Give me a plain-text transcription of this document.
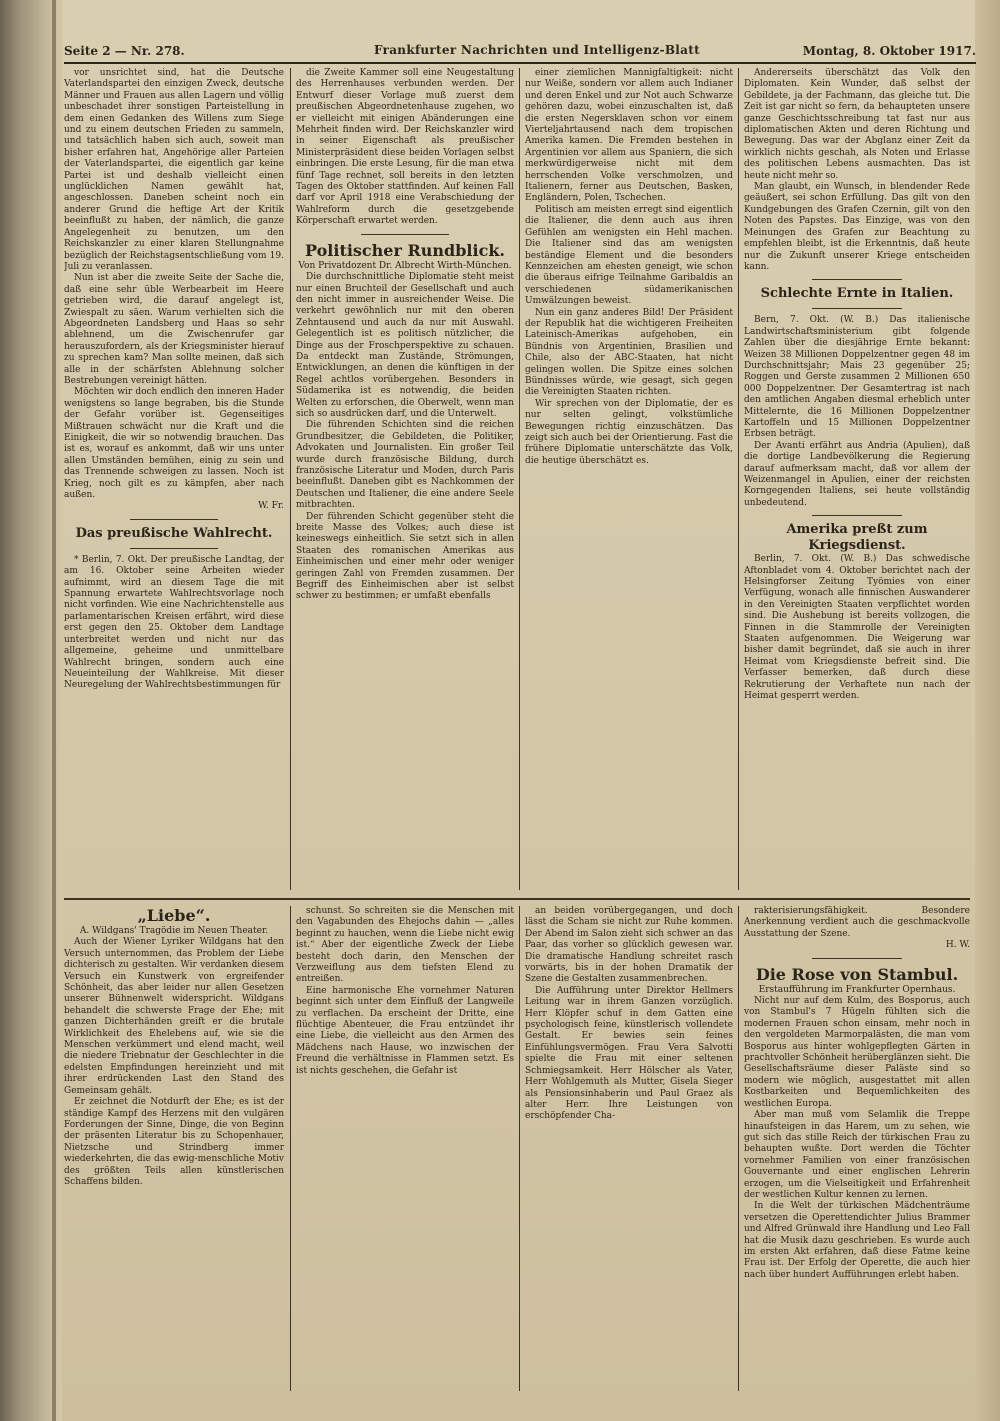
Seite 2 — Nr. 278.	Frankfurter Nachrichten und Intelligenz-Blatt	Montag, 8. Oktober 1917.

vor unsrichtet sind, hat die Deutsche Vaterlandspartei den einzigen Zweck, deutsche Männer und Frauen aus allen Lagern und völlig unbeschadet ihrer sonstigen Parteistellung in dem einen Gedanken des Willens zum Siege und zu einem deutschen Frieden zu sammeln, und tatsächlich haben sich auch, soweit man bisher erfahren hat, Angehörige aller Parteien der Vaterlandspartei, die eigentlich gar keine Partei ist und deshalb vielleicht einen unglücklichen Namen gewählt hat, angeschlossen. Daneben scheint noch ein anderer Grund die heftige Art der Kritik beeinflußt zu haben, der nämlich, die ganze Angelegenheit zu benutzen, um den Reichskanzler zu einer klaren Stellungnahme bezüglich der Reichstagsentschließung vom 19. Juli zu veranlassen.

Nun ist aber die zweite Seite der Sache die, daß eine sehr üble Werbearbeit im Heere getrieben wird, die darauf angelegt ist, Zwiespalt zu säen. Warum verhielten sich die Abgeordneten Landsberg und Haas so sehr ablehnend, um die Zwischenrufer gar herauszufordern, als der Kriegsminister hierauf zu sprechen kam? Man sollte meinen, daß sich alle in der schärfsten Ablehnung solcher Bestrebungen vereinigt hätten.

Möchten wir doch endlich den inneren Hader wenigstens so lange begraben, bis die Stunde der Gefahr vorüber ist. Gegenseitiges Mißtrauen schwächt nur die Kraft und die Einigkeit, die wir so notwendig brauchen. Das ist es, worauf es ankommt, daß wir uns unter allen Umständen bemühen, einig zu sein und das Trennende schweigen zu lassen. Noch ist Krieg, noch gilt es zu kämpfen, aber nach außen.

W. Fr.

Das preußische Wahlrecht.

* Berlin, 7. Okt. Der preußische Landtag, der am 16. Oktober seine Arbeiten wieder aufnimmt, wird an diesem Tage die mit Spannung erwartete Wahlrechtsvorlage noch nicht vorfinden. Wie eine Nachrichtenstelle aus parlamentarischen Kreisen erfährt, wird diese erst gegen den 25. Oktober dem Landtage unterbreitet werden und nicht nur das allgemeine, geheime und unmittelbare Wahlrecht bringen, sondern auch eine Neueinteilung der Wahlkreise. Mit dieser Neuregelung der Wahlrechtsbestimmungen für

die Zweite Kammer soll eine Neugestaltung des Herrenhauses verbunden werden. Der Entwurf dieser Vorlage muß zuerst dem preußischen Abgeordnetenhause zugehen, wo er vielleicht mit einigen Abänderungen eine Mehrheit finden wird. Der Reichskanzler wird in seiner Eigenschaft als preußischer Ministerpräsident diese beiden Vorlagen selbst einbringen. Die erste Lesung, für die man etwa fünf Tage rechnet, soll bereits in den letzten Tagen des Oktober stattfinden. Auf keinen Fall darf vor April 1918 eine Verabschiedung der Wahlreform durch die gesetzgebende Körperschaft erwartet werden.

Politischer Rundblick.

Von Privatdozent Dr. Albrecht Wirth-München.

Die durchschnittliche Diplomatie steht meist nur einen Bruchteil der Gesellschaft und auch den nicht immer in ausreichender Weise. Die verkehrt gewöhnlich nur mit den oberen Zehntausend und auch da nur mit Auswahl. Gelegentlich ist es politisch nützlicher, die Dinge aus der Froschperspektive zu schauen. Da entdeckt man Zustände, Strömungen, Entwicklungen, an denen die künftigen in der Regel achtlos vorübergehen. Besonders in Südamerika ist es notwendig, die beiden Welten zu erforschen, die Oberwelt, wenn man sich so ausdrücken darf, und die Unterwelt.

Die führenden Schichten sind die reichen Grundbesitzer, die Gebildeten, die Politiker, Advokaten und Journalisten. Ein großer Teil wurde durch französische Bildung, durch französische Literatur und Moden, durch Paris beeinflußt. Daneben gibt es Nachkommen der Deutschen und Italiener, die eine andere Seele mitbrachten.

Der führenden Schicht gegenüber steht die breite Masse des Volkes; auch diese ist keineswegs einheitlich. Sie setzt sich in allen Staaten des romanischen Amerikas aus Einheimischen und einer mehr oder weniger geringen Zahl von Fremden zusammen. Der Begriff des Einheimischen aber ist selbst schwer zu bestimmen; er umfaßt ebenfalls

einer ziemlichen Mannigfaltigkeit: nicht nur Weiße, sondern vor allem auch Indianer und deren Enkel und zur Not auch Schwarze gehören dazu, wobei einzuschalten ist, daß die ersten Negersklaven schon vor einem Vierteljahrtausend nach dem tropischen Amerika kamen. Die Fremden bestehen in Argentinien vor allem aus Spaniern, die sich merkwürdigerweise nicht mit dem herrschenden Volke verschmolzen, und Italienern, ferner aus Deutschen, Basken, Engländern, Polen, Tschechen.

Politisch am meisten erregt sind eigentlich die Italiener, die denn auch aus ihren Gefühlen am wenigsten ein Hehl machen. Die Italiener sind das am wenigsten beständige Element und die besonders Kennzeichen am ehesten geneigt, wie schon die überaus eifrige Teilnahme Garibaldis an verschiedenen südamerikanischen Umwälzungen beweist.

Nun ein ganz anderes Bild! Der Präsident der Republik hat die wichtigeren Freiheiten Lateinisch-Amerikas aufgehoben, ein Bündnis von Argentinien, Brasilien und Chile, also der ABC-Staaten, hat nicht gelingen wollen. Die Spitze eines solchen Bündnisses würde, wie gesagt, sich gegen die Vereinigten Staaten richten.

Wir sprechen von der Diplomatie, der es nur selten gelingt, volkstümliche Bewegungen richtig einzuschätzen. Das zeigt sich auch bei der Orientierung. Fast die frühere Diplomatie unterschätzte das Volk, die heutige überschätzt es.

Andererseits überschätzt das Volk den Diplomaten. Kein Wunder, daß selbst der Gebildete, ja der Fachmann, das gleiche tut. Die Zeit ist gar nicht so fern, da behaupteten unsere ganze Geschichtsschreibung tat fast nur aus diplomatischen Akten und deren Richtung und Bewegung. Das war der Abglanz einer Zeit da wirklich nichts geschah, als Noten und Erlasse des politischen Lebens ausmachten. Das ist heute nicht mehr so.

Man glaubt, ein Wunsch, in blendender Rede geäußert, sei schon Erfüllung. Das gilt von den Kundgebungen des Grafen Czernin, gilt von den Noten des Papstes. Das Einzige, was von den Meinungen des Grafen zur Beachtung zu empfehlen bleibt, ist die Erkenntnis, daß heute nur die Zukunft unserer Kriege entscheiden kann.

Schlechte Ernte in Italien.

Bern, 7. Okt. (W. B.) Das italienische Landwirtschaftsministerium gibt folgende Zahlen über die diesjährige Ernte bekannt: Weizen 38 Millionen Doppelzentner gegen 48 im Durchschnittsjahr; Mais 23 gegenüber 25; Roggen und Gerste zusammen 2 Millionen 650 000 Doppelzentner. Der Gesamtertrag ist nach den amtlichen Angaben diesmal erheblich unter Mittelernte, die 16 Millionen Doppelzentner Kartoffeln und 15 Millionen Doppelzentner Erbsen beträgt.

Der Avanti erfährt aus Andria (Apulien), daß die dortige Landbevölkerung die Regierung darauf aufmerksam macht, daß vor allem der Weizenmangel in Apulien, einer der reichsten Korngegenden Italiens, sei heute vollständig unbedeutend.

Amerika preßt zum Kriegsdienst.

Berlin, 7. Okt. (W. B.) Das schwedische Aftonbladet vom 4. Oktober berichtet nach der Helsingforser Zeitung Työmies von einer Verfügung, wonach alle finnischen Auswanderer in den Vereinigten Staaten verpflichtet worden sind. Die Aushebung ist bereits vollzogen, die Finnen in die Stammrolle der Vereinigten Staaten aufgenommen. Die Weigerung war bisher damit begründet, daß sie auch in ihrer Heimat vom Kriegsdienste befreit sind. Die Verfasser bemerken, daß durch diese Rekrutierung der Verhaftete nun nach der Heimat gesperrt werden.

„Liebe“.

A. Wildgans' Tragödie im Neuen Theater.

Auch der Wiener Lyriker Wildgans hat den Versuch unternommen, das Problem der Liebe dichterisch zu gestalten. Wir verdanken diesem Versuch ein Kunstwerk von ergreifender Schönheit, das aber leider nur allen Gesetzen unserer Bühnenwelt widerspricht. Wildgans behandelt die schwerste Frage der Ehe; mit ganzen Dichterhänden greift er die brutale Wirklichkeit des Ehelebens auf, wie sie die Menschen verkümmert und elend macht, weil die niedere Triebnatur der Geschlechter in die edelsten Empfindungen hereinzieht und mit ihrer erdrückenden Last den Stand des Gemeinsam gehält.

Er zeichnet die Notdurft der Ehe; es ist der ständige Kampf des Herzens mit den vulgären Forderungen der Sinne, Dinge, die von Beginn der präsenten Literatur bis zu Schopenhauer, Nietzsche und Strindberg immer wiederkehrten, die das ewig-menschliche Motiv des größten Teils allen künstlerischen Schaffens bilden.

schunst. So schreiten sie die Menschen mit den Vagabunden des Ehejochs dahin — „alles beginnt zu hauchen, wenn die Liebe nicht ewig ist.“ Aber der eigentliche Zweck der Liebe besteht doch darin, den Menschen der Verzweiflung aus dem tiefsten Elend zu entreißen.

Eine harmonische Ehe vornehmer Naturen beginnt sich unter dem Einfluß der Langweile zu verflachen. Da erscheint der Dritte, eine flüchtige Abenteuer, die Frau entzündet ihr eine Liebe, die vielleicht aus den Armen des Mädchens nach Hause, wo inzwischen der Freund die verhältnisse in Flammen setzt. Es ist nichts geschehen, die Gefahr ist

an beiden vorübergegangen, und doch lässt die Scham sie nicht zur Ruhe kommen. Der Abend im Salon zieht sich schwer an das Paar, das vorher so glücklich gewesen war. Die dramatische Handlung schreitet rasch vorwärts, bis in der hohen Dramatik der Szene die Gestalten zusammenbrechen.

Die Aufführung unter Direktor Hellmers Leitung war in ihrem Ganzen vorzüglich. Herr Klöpfer schuf in dem Gatten eine psychologisch feine, künstlerisch vollendete Gestalt. Er bewies sein feines Einfühlungsvermögen. Frau Vera Salvotti spielte die Frau mit einer seltenen Schmiegsamkeit. Herr Hölscher als Vater, Herr Wohlgemuth als Mutter, Gisela Sieger als Pensionsinhaberin und Paul Graez als alter Herr. Ihre Leistungen von erschöpfender Cha-

rakterisierungsfähigkeit. Besondere Anerkennung verdient auch die geschmackvolle Ausstattung der Szene.

H. W.

Die Rose von Stambul.

Erstaufführung im Frankfurter Opernhaus.

Nicht nur auf dem Kulm, des Bosporus, auch von Stambul's 7 Hügeln fühlten sich die modernen Frauen schon einsam, mehr noch in den vergoldeten Marmorpalästen, die man vom Bosporus aus hinter wohlgepflegten Gärten in prachtvoller Schönheit herüberglänzen sieht. Die Gesellschaftsräume dieser Paläste sind so modern wie möglich, ausgestattet mit allen Kostbarkeiten und Bequemlichkeiten des westlichen Europa.

Aber man muß vom Selamlik die Treppe hinaufsteigen in das Harem, um zu sehen, wie gut sich das stille Reich der türkischen Frau zu behaupten wußte. Dort werden die Töchter vornehmer Familien von einer französischen Gouvernante und einer englischen Lehrerin erzogen, um die Vielseitigkeit und Erfahrenheit der westlichen Kultur kennen zu lernen.

In die Welt der türkischen Mädchenträume versetzen die Operettendichter Julius Brammer und Alfred Grünwald ihre Handlung und Leo Fall hat die Musik dazu geschrieben. Es wurde auch im ersten Akt erfahren, daß diese Fatme keine Frau ist. Der Erfolg der Operette, die auch hier nach über hundert Aufführungen erlebt haben.
